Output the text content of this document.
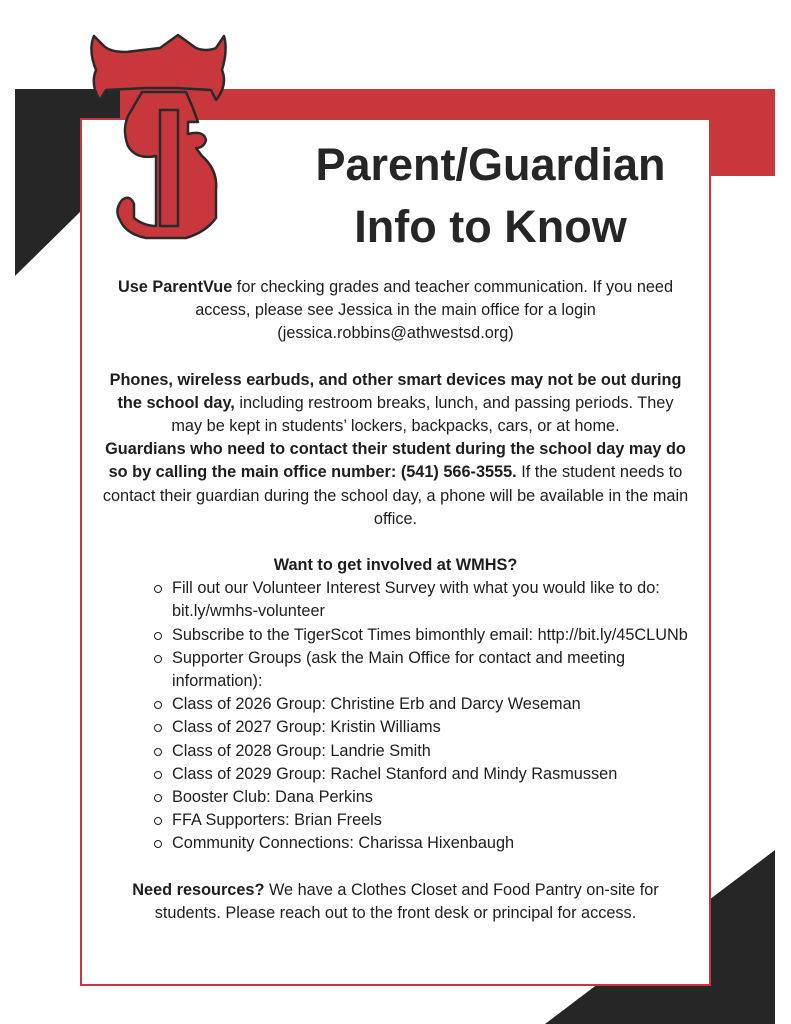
Parent/Guardian
Info to Know

Use ParentVue for checking grades and teacher communication. If you need access, please see Jessica in the main office for a login (jessica.robbins@athwestsd.org)

Phones, wireless earbuds, and other smart devices may not be out during the school day, including restroom breaks, lunch, and passing periods. They may be kept in students’ lockers, backpacks, cars, or at home.

Guardians who need to contact their student during the school day may do so by calling the main office number: (541) 566-3555. If the student needs to contact their guardian during the school day, a phone will be available in the main office.

Want to get involved at WMHS?

Fill out our Volunteer Interest Survey with what you would like to do: bit.ly/wmhs-volunteer
Subscribe to the TigerScot Times bimonthly email: http://bit.ly/45CLUNb
Supporter Groups (ask the Main Office for contact and meeting information):
Class of 2026 Group: Christine Erb and Darcy Weseman
Class of 2027 Group: Kristin Williams
Class of 2028 Group: Landrie Smith
Class of 2029 Group: Rachel Stanford and Mindy Rasmussen
Booster Club: Dana Perkins
FFA Supporters: Brian Freels
Community Connections: Charissa Hixenbaugh

Need resources? We have a Clothes Closet and Food Pantry on-site for students. Please reach out to the front desk or principal for access.
